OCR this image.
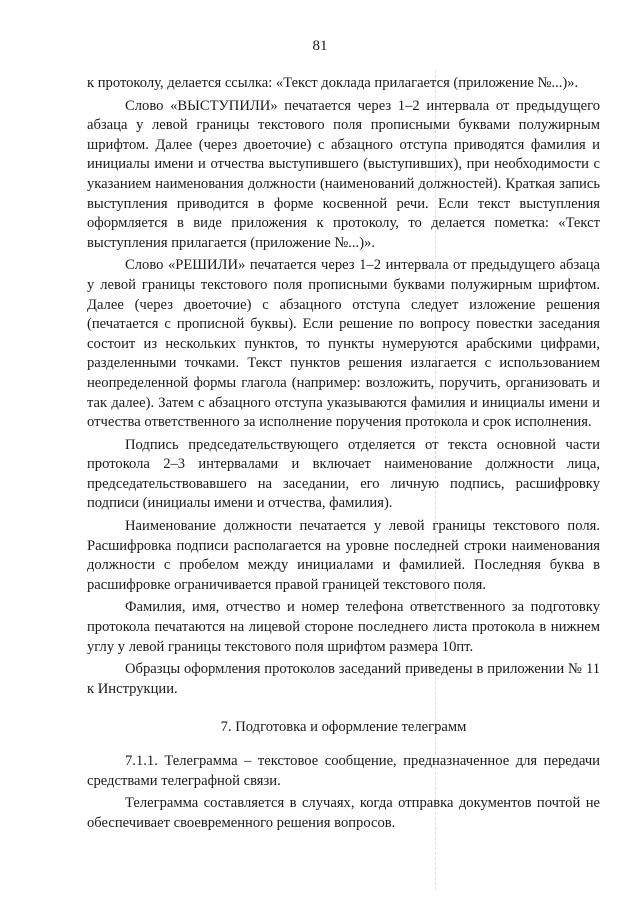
81

к протоколу, делается ссылка: «Текст доклада прилагается (приложение №...)».

Слово «ВЫСТУПИЛИ» печатается через 1–2 интервала от предыдущего абзаца у левой границы текстового поля прописными буквами полужирным шрифтом. Далее (через двоеточие) с абзацного отступа приводятся фамилия и инициалы имени и отчества выступившего (выступивших), при необходимости с указанием наименования должности (наименований должностей). Краткая запись выступления приводится в форме косвенной речи. Если текст выступления оформляется в виде приложения к протоколу, то делается пометка: «Текст выступления прилагается (приложение №...)».

Слово «РЕШИЛИ» печатается через 1–2 интервала от предыдущего абзаца у левой границы текстового поля прописными буквами полужирным шрифтом. Далее (через двоеточие) с абзацного отступа следует изложение решения (печатается с прописной буквы). Если решение по вопросу повестки заседания состоит из нескольких пунктов, то пункты нумеруются арабскими цифрами, разделенными точками. Текст пунктов решения излагается с использованием неопределенной формы глагола (например: возложить, поручить, организовать и так далее). Затем с абзацного отступа указываются фамилия и инициалы имени и отчества ответственного за исполнение поручения протокола и срок исполнения.

Подпись председательствующего отделяется от текста основной части протокола 2–3 интервалами и включает наименование должности лица, председательствовавшего на заседании, его личную подпись, расшифровку подписи (инициалы имени и отчества, фамилия).

Наименование должности печатается у левой границы текстового поля. Расшифровка подписи располагается на уровне последней строки наименования должности с пробелом между инициалами и фамилией. Последняя буква в расшифровке ограничивается правой границей текстового поля.

Фамилия, имя, отчество и номер телефона ответственного за подготовку протокола печатаются на лицевой стороне последнего листа протокола в нижнем углу у левой границы текстового поля шрифтом размера 10пт.

Образцы оформления протоколов заседаний приведены в приложении № 11 к Инструкции.

7. Подготовка и оформление телеграмм

7.1.1. Телеграмма – текстовое сообщение, предназначенное для передачи средствами телеграфной связи.

Телеграмма составляется в случаях, когда отправка документов почтой не обеспечивает своевременного решения вопросов.
